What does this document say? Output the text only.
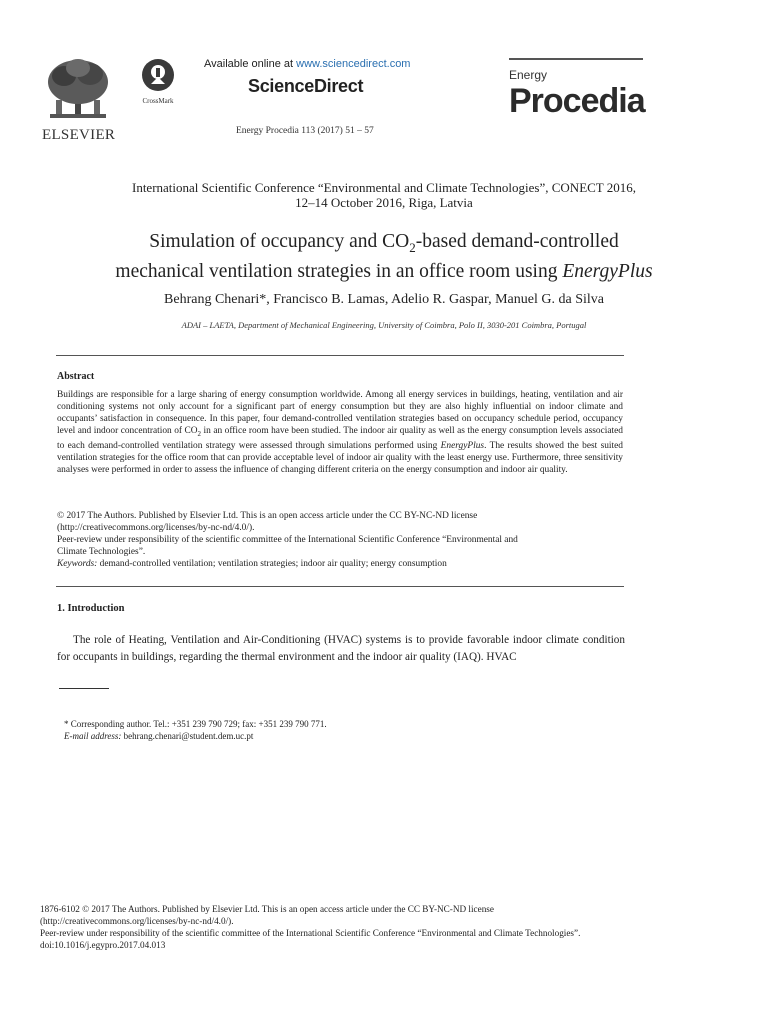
ELSEVIER
CrossMark
Available online at www.sciencedirect.com
ScienceDirect
Energy Procedia 113 (2017) 51 – 57
Energy
Procedia
International Scientific Conference “Environmental and Climate Technologies”, CONECT 2016,
12–14 October 2016, Riga, Latvia
Simulation of occupancy and $CO_2$-based demand-controlled
mechanical ventilation strategies in an office room using EnergyPlus
Behrang Chenari*, Francisco B. Lamas, Adelio R. Gaspar, Manuel G. da Silva
ADAI – LAETA, Department of Mechanical Engineering, University of Coimbra, Polo II, 3030-201 Coimbra, Portugal
Abstract
Buildings are responsible for a large sharing of energy consumption worldwide. Among all energy services in buildings, heating, ventilation and air conditioning systems not only account for a significant part of energy consumption but they are also highly influential on indoor climate and occupants’ satisfaction in consequence. In this paper, four demand-controlled ventilation strategies based on occupancy schedule period, occupancy level and indoor concentration of $CO_2$ in an office room have been studied. The indoor air quality as well as the energy consumption levels associated to each demand-controlled ventilation strategy were assessed through simulations performed using EnergyPlus. The results showed the best suited ventilation strategies for the office room that can provide acceptable level of indoor air quality with the least energy use. Furthermore, three sensitivity analyses were performed in order to assess the influence of changing different criteria on the energy consumption and indoor air quality.
© 2017 The Authors. Published by Elsevier Ltd. This is an open access article under the CC BY-NC-ND license
(http://creativecommons.org/licenses/by-nc-nd/4.0/).
Peer-review under responsibility of the scientific committee of the International Scientific Conference “Environmental and
Climate Technologies”.
Keywords: demand-controlled ventilation; ventilation strategies; indoor air quality; energy consumption
1. Introduction
The role of Heating, Ventilation and Air-Conditioning (HVAC) systems is to provide favorable indoor climate condition for occupants in buildings, regarding the thermal environment and the indoor air quality (IAQ). HVAC
* Corresponding author. Tel.: +351 239 790 729; fax: +351 239 790 771.
E-mail address: behrang.chenari@student.dem.uc.pt
1876-6102 © 2017 The Authors. Published by Elsevier Ltd. This is an open access article under the CC BY-NC-ND license
(http://creativecommons.org/licenses/by-nc-nd/4.0/).
Peer-review under responsibility of the scientific committee of the International Scientific Conference “Environmental and Climate Technologies”.
doi:10.1016/j.egypro.2017.04.013
